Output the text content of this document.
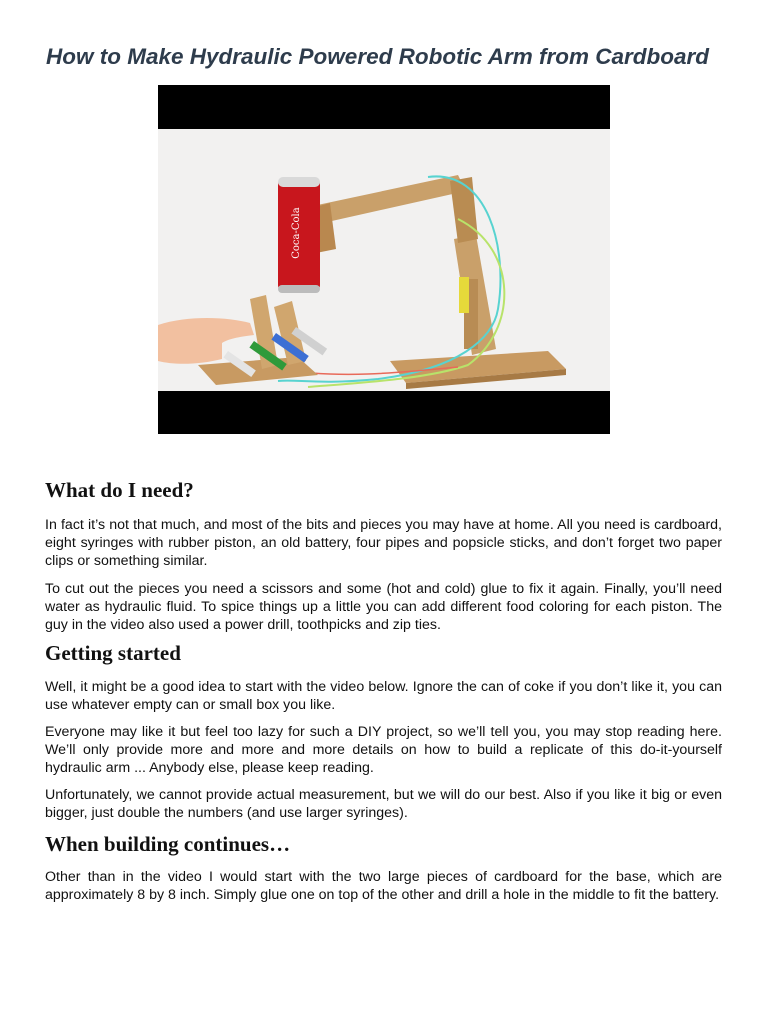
How to Make Hydraulic Powered Robotic Arm from Cardboard
Coca-Cola
What do I need?
In fact it’s not that much, and most of the bits and pieces you may have at home. All you need is cardboard, eight syringes with rubber piston, an old battery, four pipes and popsicle sticks, and don’t forget two paper clips or something similar.
To cut out the pieces you need a scissors and some (hot and cold) glue to fix it again. Finally, you’ll need water as hydraulic fluid. To spice things up a little you can add different food coloring for each piston. The guy in the video also used a power drill, toothpicks and zip ties.
Getting started
Well, it might be a good idea to start with the video below. Ignore the can of coke if you don’t like it, you can use whatever empty can or small box you like.
Everyone may like it but feel too lazy for such a DIY project, so we’ll tell you, you may stop reading here. We’ll only provide more and more and more details on how to build a replicate of this do-it-yourself hydraulic arm ... Anybody else, please keep reading.
Unfortunately, we cannot provide actual measurement, but we will do our best. Also if you like it big or even bigger, just double the numbers (and use larger syringes).
When building continues…
Other than in the video I would start with the two large pieces of cardboard for the base, which are approximately 8 by 8 inch. Simply glue one on top of the other and drill a hole in the middle to fit the battery.
